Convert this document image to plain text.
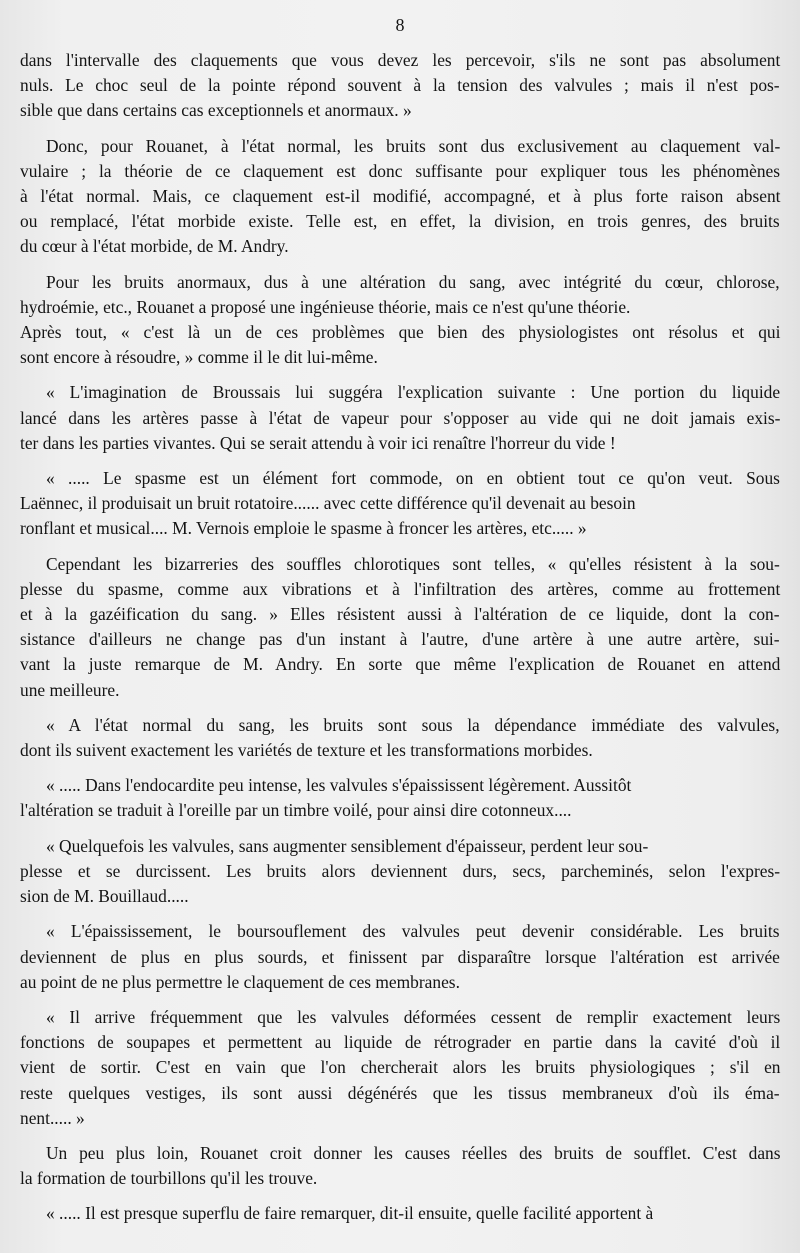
8

dans l'intervalle des claquements que vous devez les percevoir, s'ils ne sont pas absolument

nuls. Le choc seul de la pointe répond souvent à la tension des valvules ; mais il n'est pos-

sible que dans certains cas exceptionnels et anormaux. »

Donc, pour Rouanet, à l'état normal, les bruits sont dus exclusivement au claquement val-

vulaire ; la théorie de ce claquement est donc suffisante pour expliquer tous les phénomènes

à l'état normal. Mais, ce claquement est-il modifié, accompagné, et à plus forte raison absent

ou remplacé, l'état morbide existe. Telle est, en effet, la division, en trois genres, des bruits

du cœur à l'état morbide, de M. Andry.

Pour les bruits anormaux, dus à une altération du sang, avec intégrité du cœur, chlorose,

hydroémie, etc., Rouanet a proposé une ingénieuse théorie, mais ce n'est qu'une théorie.

Après tout, « c'est là un de ces problèmes que bien des physiologistes ont résolus et qui

sont encore à résoudre, » comme il le dit lui-même.

« L'imagination de Broussais lui suggéra l'explication suivante : Une portion du liquide

lancé dans les artères passe à l'état de vapeur pour s'opposer au vide qui ne doit jamais exis-

ter dans les parties vivantes. Qui se serait attendu à voir ici renaître l'horreur du vide !

« ..... Le spasme est un élément fort commode, on en obtient tout ce qu'on veut. Sous

Laënnec, il produisait un bruit rotatoire...... avec cette différence qu'il devenait au besoin

ronflant et musical.... M. Vernois emploie le spasme à froncer les artères, etc..... »

Cependant les bizarreries des souffles chlorotiques sont telles, « qu'elles résistent à la sou-

plesse du spasme, comme aux vibrations et à l'infiltration des artères, comme au frottement

et à la gazéification du sang. » Elles résistent aussi à l'altération de ce liquide, dont la con-

sistance d'ailleurs ne change pas d'un instant à l'autre, d'une artère à une autre artère, sui-

vant la juste remarque de M. Andry. En sorte que même l'explication de Rouanet en attend

une meilleure.

« A l'état normal du sang, les bruits sont sous la dépendance immédiate des valvules,

dont ils suivent exactement les variétés de texture et les transformations morbides.

« ..... Dans l'endocardite peu intense, les valvules s'épaississent légèrement. Aussitôt

l'altération se traduit à l'oreille par un timbre voilé, pour ainsi dire cotonneux....

« Quelquefois les valvules, sans augmenter sensiblement d'épaisseur, perdent leur sou-

plesse et se durcissent. Les bruits alors deviennent durs, secs, parcheminés, selon l'expres-

sion de M. Bouillaud.....

« L'épaississement, le boursouflement des valvules peut devenir considérable. Les bruits

deviennent de plus en plus sourds, et finissent par disparaître lorsque l'altération est arrivée

au point de ne plus permettre le claquement de ces membranes.

« Il arrive fréquemment que les valvules déformées cessent de remplir exactement leurs

fonctions de soupapes et permettent au liquide de rétrograder en partie dans la cavité d'où il

vient de sortir. C'est en vain que l'on chercherait alors les bruits physiologiques ; s'il en

reste quelques vestiges, ils sont aussi dégénérés que les tissus membraneux d'où ils éma-

nent..... »

Un peu plus loin, Rouanet croit donner les causes réelles des bruits de soufflet. C'est dans

la formation de tourbillons qu'il les trouve.

« ..... Il est presque superflu de faire remarquer, dit-il ensuite, quelle facilité apportent à
